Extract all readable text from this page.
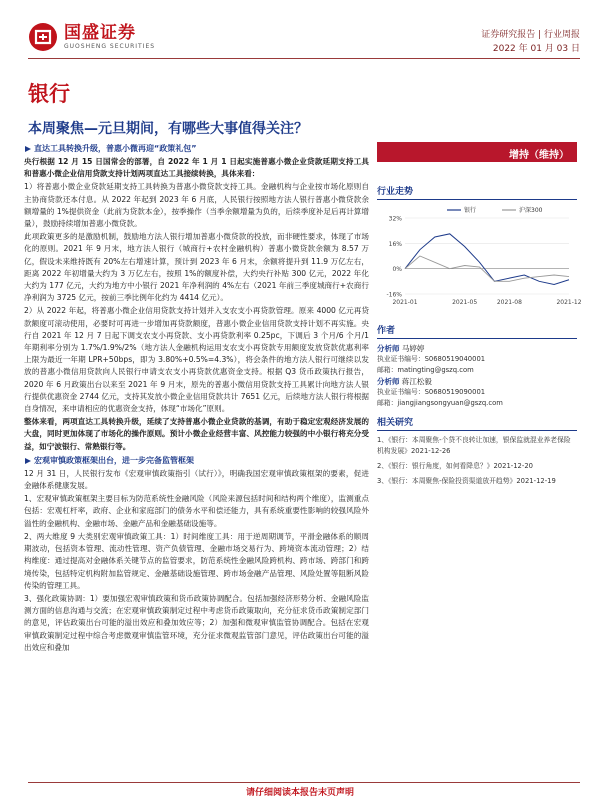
国盛证券
GUOSHENG SECURITIES
证券研究报告 | 行业周报
2022 年 01 月 03 日
银行
本周聚焦—元旦期间，有哪些大事值得关注？
直达工具转换升级，普惠小微再迎“政策礼包”

央行根据 12 月 15 日国常会的部署，自 2022 年 1 月 1 日起实施普惠小微企业贷款延期支持工具和普惠小微企业信用贷款支持计划两项直达工具接续转换，具体来看：

1）将普惠小微企业贷款延期支持工具转换为普惠小微贷款支持工具。金融机构与企业按市场化原则自主协商贷款还本付息。从 2022 年起到 2023 年 6 月底，人民银行按照地方法人银行普惠小微贷款余额增量的 1%提供资金（此前为贷款本金），按季操作（当季余额增量为负的，后续季度补足后再计算增量），鼓励持续增加普惠小微贷款。

此项政策更多的是激励机制，鼓励地方法人银行增加普惠小微贷款的投放，而非硬性要求，体现了市场化的原则。2021 年 9 月末，地方法人银行（城商行+农村金融机构）普惠小微贷款余额为 8.57 万亿，假设未来维持既有 20%左右增速计算，预计到 2023 年 6 月末，余额将提升到 11.9 万亿左右，距离 2022 年初增量大约为 3 万亿左右，按照 1%的额度补偿，大约央行补贴 300 亿元，2022 年化大约为 177 亿元，大约为地方中小银行 2021 年净利润的 4%左右（2021 年前三季度城商行+农商行净利润为 3725 亿元，按前三季比例年化约为 4414 亿元）。

2）从 2022 年起，将普惠小微企业信用贷款支持计划并入支农支小再贷款管理。原来 4000 亿元再贷款额度可滚动使用，必要时可再进一步增加再贷款额度，普惠小微企业信用贷款支持计划不再实施。央行自 2021 年 12 月 7 日起下调支农支小再贷款、支小再贷款利率 0.25pc，下调后 3 个月/6 个月/1 年期利率分别为 1.7%/1.9%/2%（地方法人金融机构运用支农支小再贷款专用额度发放贷款优惠利率上限为最近一年期 LPR+50bps，即为 3.80%+0.5%=4.3%），将会条件的地方法人银行可继续以发放的普惠小微信用贷款向人民银行申请支农支小再贷款优惠资金支持。根据 Q3 货币政策执行报告，2020 年 6 月政策出台以来至 2021 年 9 月末，原先的普惠小微信用贷款支持工具累计向地方法人银行提供优惠资金 2744 亿元，支持其发放小微企业信用贷款共计 7651 亿元，后续地方法人银行将根据自身情况，来申请相应的优惠资金支持，体现“市场化”原则。

整体来看，两项直达工具转换升级，延续了支持普惠小微企业贷款的基调，有助于稳定宏观经济发展的大盘，同时更加体现了市场化的操作原则。预计小微企业经营丰富、风控能力较强的中小银行将充分受益，如宁波银行、常熟银行等。

宏观审慎政策框架出台，进一步完备监管框架

12 月 31 日，人民银行发布《宏观审慎政策指引（试行）》，明确我国宏观审慎政策框架的要素，促进金融体系健康发展。

1、宏观审慎政策框架主要目标为防范系统性金融风险（风险来源包括时间和结构两个维度），监测重点包括：宏观杠杆率，政府、企业和家庭部门的债务水平和偿还能力，具有系统重要性影响的较强风险外溢性的金融机构、金融市场、金融产品和金融基础设施等。

2、两大维度 9 大类别宏观审慎政策工具：1）时间维度工具：用于逆周期调节，平滑金融体系的顺周期波动，包括资本管理、流动性管理、资产负债管理、金融市场交易行为、跨境资本流动管理；2）结构维度：通过提高对金融体系关键节点的监管要求，防范系统性金融风险跨机构、跨市场、跨部门和跨境传染，包括特定机构附加监管规定、金融基础设施管理、跨市场金融产品管理、风险处置等阻断风险传染的管理工具。

3、强化政策协调：1）要加强宏观审慎政策和货币政策协调配合。包括加强经济形势分析、金融风险监测方面的信息沟通与交流；在宏观审慎政策制定过程中考虑货币政策取向，充分征求货币政策制定部门的意见，评估政策出台可能的溢出效应和叠加效应等；2）加强和微观审慎监管协调配合。包括在宏观审慎政策制定过程中综合考虑微观审慎监管环境，充分征求微观监管部门意见，评估政策出台可能的溢出效应和叠加

增持（维持）
行业走势
32%
16%
0%
-16%
2021-01	2021-05	2021-08	2021-12
银行	沪深300
作者
分析师 马婷婷
执业证书编号：S0680519040001
邮箱：matingting@gszq.com
分析师 蒋江松毅
执业证书编号：S0680519090001
邮箱：jiangjiangsongyuan@gszq.com
相关研究
1、《银行：本周聚焦-个贷不良转让加速，银保监就混业养老保险机构发展》2021-12-26
2、《银行：银行角度，如何看降息？》2021-12-20
3、《银行：本周聚焦-保险投资渠道放开趋势》2021-12-19
请仔细阅读本报告末页声明
